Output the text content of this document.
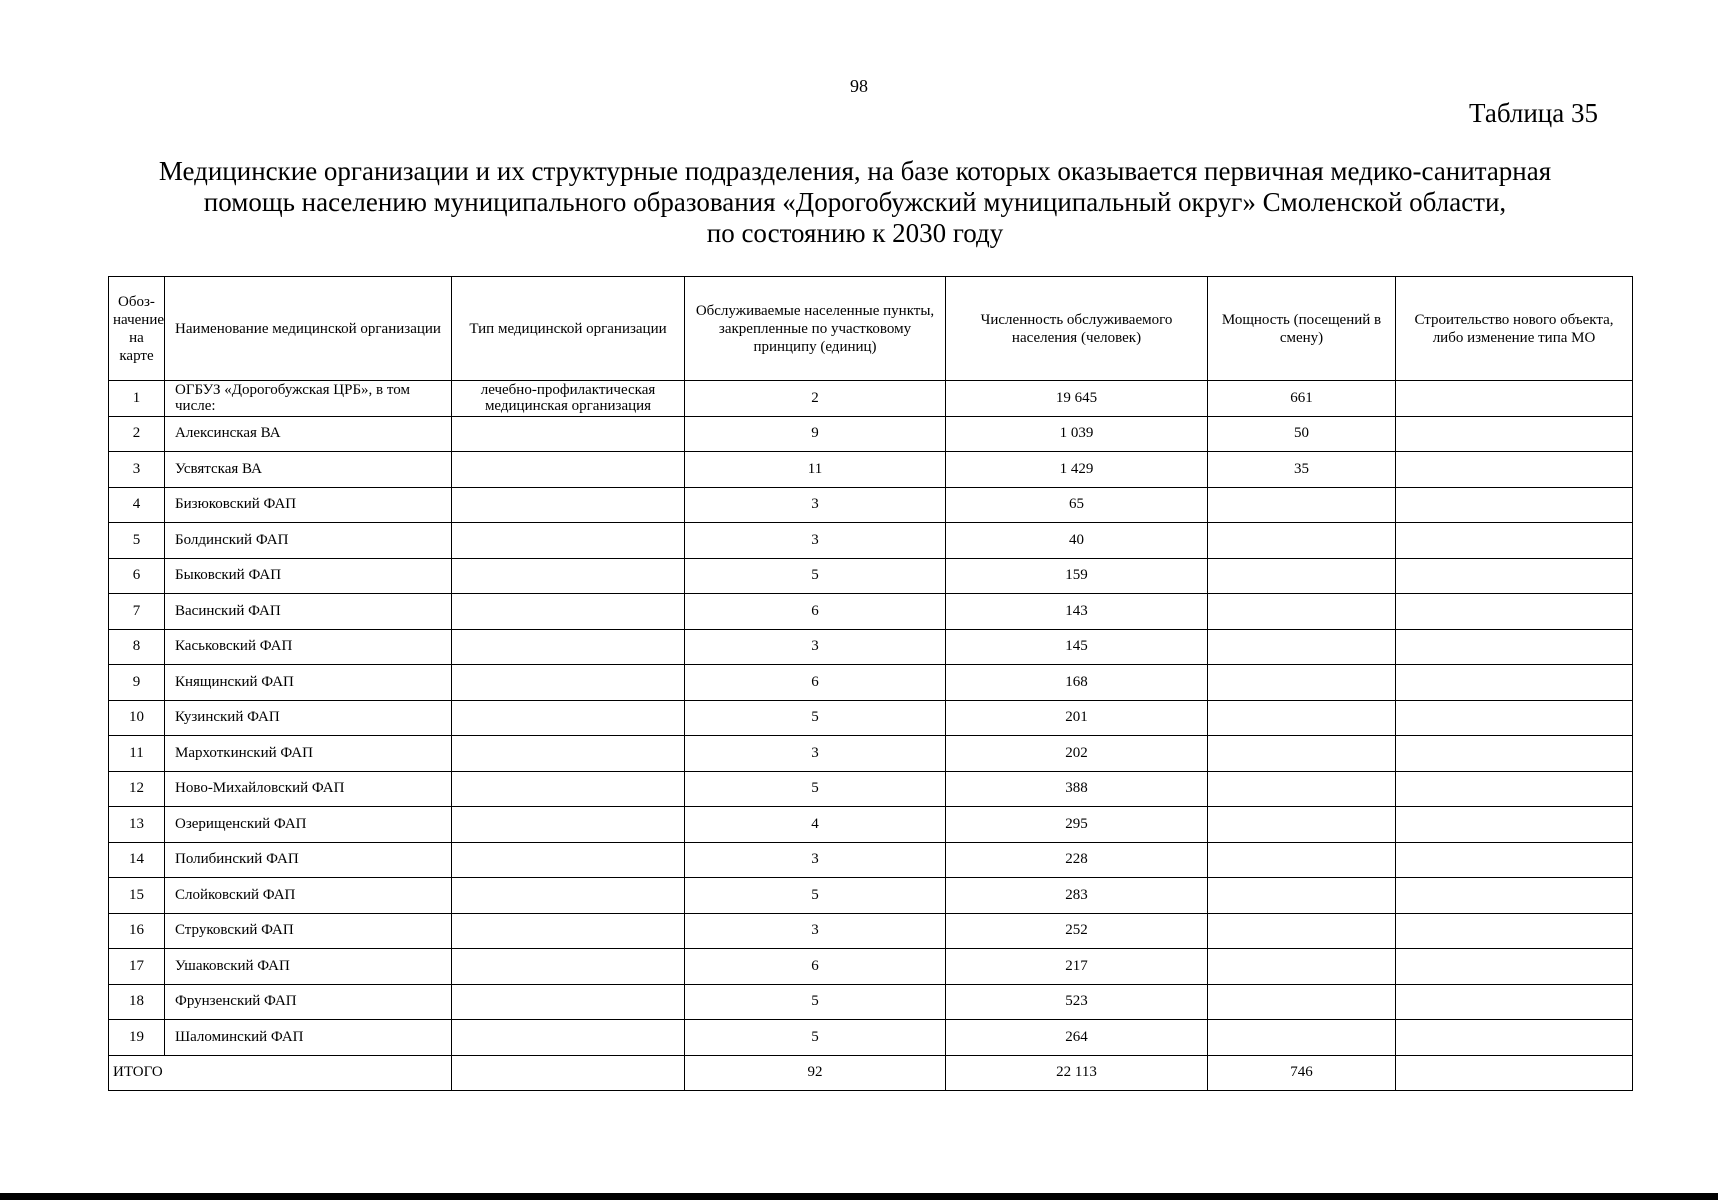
98
Таблица 35
Медицинские организации и их структурные подразделения, на базе которых оказывается первичная медико-санитарная
помощь населению муниципального образования «Дорогобужский муниципальный округ» Смоленской области,
по состоянию к 2030 году
Обоз-начение на карте	Наименование медицинской организации	Тип медицинской организации	Обслуживаемые населенные пункты, закрепленные по участковому принципу (единиц)	Численность обслуживаемого населения (человек)	Мощность (посещений в смену)	Строительство нового объекта, либо изменение типа МО
1	ОГБУЗ «Дорогобужская ЦРБ», в том числе:	лечебно-профилактическая медицинская организация	2	19 645	661	
2	Алексинская ВА		9	1 039	50	
3	Усвятская ВА		11	1 429	35	
4	Бизюковский ФАП		3	65		
5	Болдинский ФАП		3	40		
6	Быковский ФАП		5	159		
7	Васинский ФАП		6	143		
8	Каськовский ФАП		3	145		
9	Княщинский ФАП		6	168		
10	Кузинский ФАП		5	201		
11	Мархоткинский ФАП		3	202		
12	Ново-Михайловский ФАП		5	388		
13	Озерищенский ФАП		4	295		
14	Полибинский ФАП		3	228		
15	Слойковский ФАП		5	283		
16	Струковский ФАП		3	252		
17	Ушаковский ФАП		6	217		
18	Фрунзенский ФАП		5	523		
19	Шаломинский ФАП		5	264		
ИТОГО			92	22 113	746	
